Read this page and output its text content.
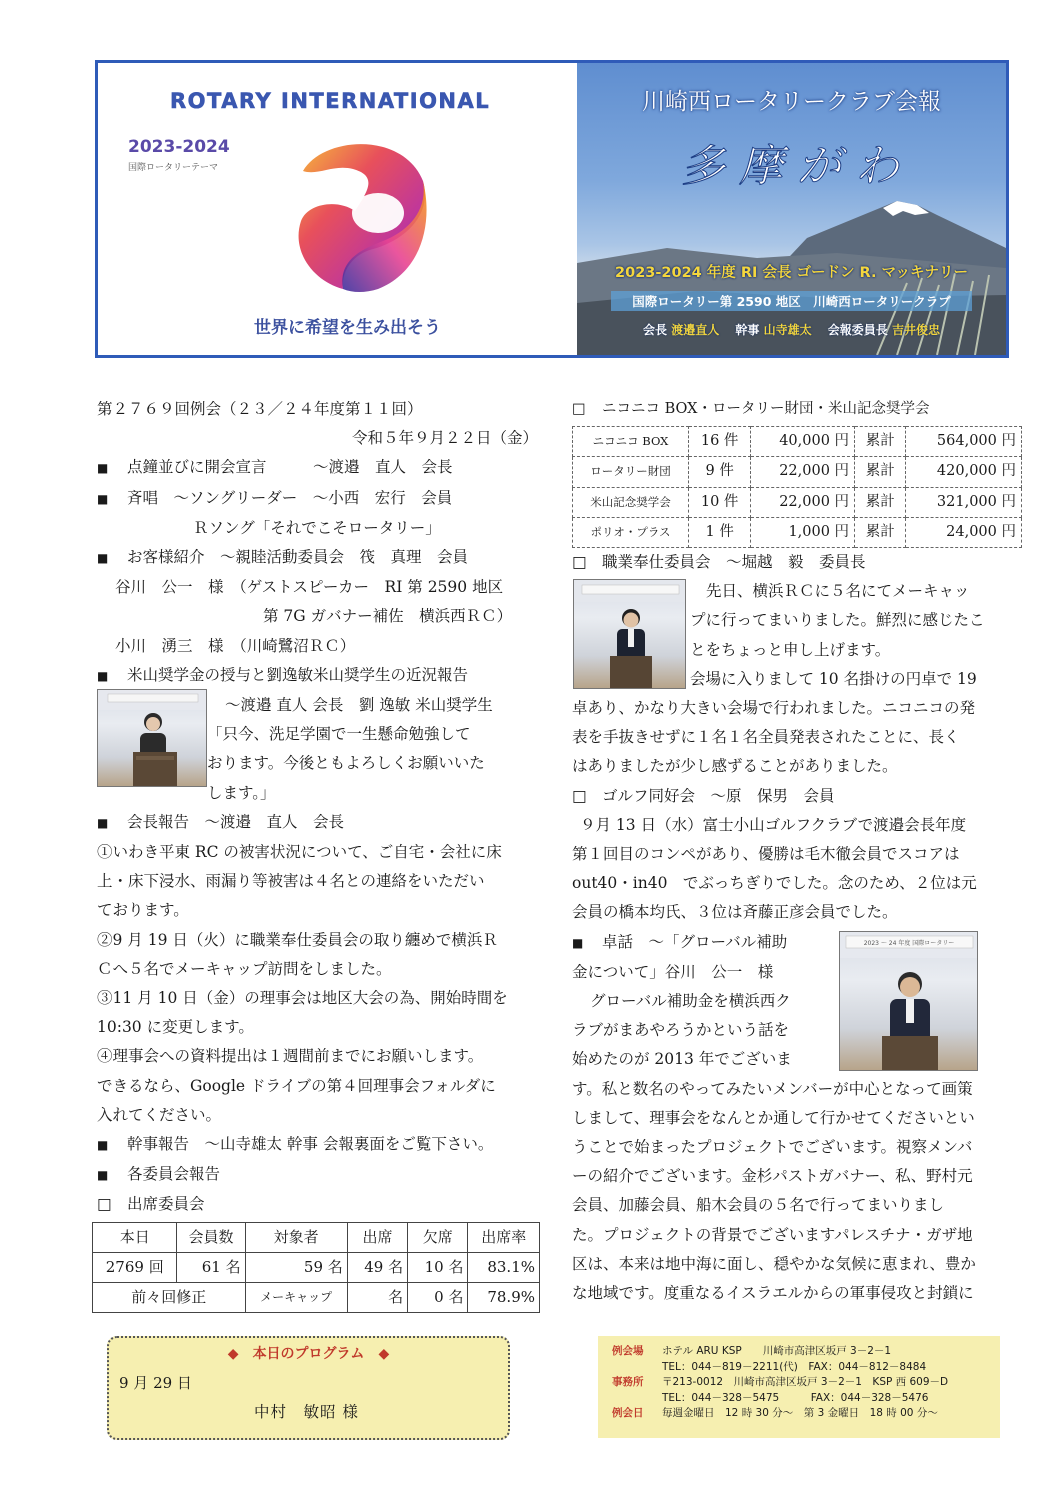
ROTARY INTERNATIONAL
2023-2024
国際ロータリーテーマ
世界に希望を生み出そう
川崎西ロータリークラブ会報
多摩がわ
2023-2024 年度 RI 会長 ゴードン R. マッキナリー
国際ロータリー第 2590 地区　川崎西ロータリークラブ
会長 渡邉直人　 幹事 山寺雄太　 会報委員長 吉井俊忠
第２７６９回例会（２３／２４年度第１１回）
令和５年９月２２日（金）
■ 点鐘並びに開会宣言　　　～渡邉　直人　会長
■ 斉唱　～ソングリーダー　～小西　宏行　会員
Ｒソング「それでこそロータリー」
■ お客様紹介　～親睦活動委員会　筏　真理　会員
谷川　公一　様　（ゲストスピーカー　RI 第 2590 地区
第 7G ガバナー補佐　横浜西ＲＣ）
小川　湧三　様　（川崎鷺沼ＲＣ）
■ 米山奨学金の授与と劉逸敏米山奨学生の近況報告
～渡邉 直人 会長　劉 逸敏 米山奨学生
「只今、洗足学園で一生懸命勉強して
おります。今後ともよろしくお願いいた
します。」
■ 会長報告　～渡邉　直人　会長
①いわき平東 RC の被害状況について、ご自宅・会社に床
上・床下浸水、雨漏り等被害は４名との連絡をいただい
ております。
②9 月 19 日（火）に職業奉仕委員会の取り纏めで横浜Ｒ
Ｃへ５名でメーキャップ訪問をしました。
③11 月 10 日（金）の理事会は地区大会の為、開始時間を
10:30 に変更します。
④理事会への資料提出は１週間前までにお願いします。
できるなら、Google ドライブの第４回理事会フォルダに
入れてください。
■ 幹事報告　～山寺雄太 幹事 会報裏面をご覧下さい。
■ 各委員会報告
□ 出席委員会
本日	会員数	対象者	出席	欠席	出席率
2769 回	61 名	59 名	49 名	10 名	83.1%
前々回修正		メーキャップ	名	0 名	78.9%
□ ニコニコ BOX・ロータリー財団・米山記念奨学会
ニコニコ BOX	16 件	40,000 円	累計	564,000 円
ロータリー財団	9 件	22,000 円	累計	420,000 円
米山記念奨学会	10 件	22,000 円	累計	321,000 円
ポリオ・プラス	1 件	1,000 円	累計	24,000 円
□ 職業奉仕委員会　～堀越　毅　委員長
先日、横浜ＲＣに５名にてメーキャッ
プに行ってまいりました。鮮烈に感じたこ
とをちょっと申し上げます。
会場に入りまして 10 名掛けの円卓で 19
卓あり、かなり大きい会場で行われました。ニコニコの発
表を手抜きせずに１名１名全員発表されたことに、長く
はありましたが少し感ずることがありました。
□ ゴルフ同好会　～原　保男　会員
９月 13 日（水）富士小山ゴルフクラブで渡邉会長年度
第１回目のコンペがあり、優勝は毛木徹会員でスコアは
out40・in40　でぶっちぎりでした。念のため、２位は元
会員の橋本均氏、３位は斉藤正彦会員でした。
■ 卓話　～「グローバル補助
金について」谷川　公一　様
グローバル補助金を横浜西ク
ラブがまあやろうかという話を
始めたのが 2013 年でございま
す。私と数名のやってみたいメンバーが中心となって画策
しまして、理事会をなんとか通して行かせてくださいとい
うことで始まったプロジェクトでございます。視察メンバ
ーの紹介でございます。金杉パストガバナー、私、野村元
会員、加藤会員、船木会員の５名で行ってまいりまし
た。プロジェクトの背景でございますパレスチナ・ガザ地
区は、本来は地中海に面し、穏やかな気候に恵まれ、豊か
な地域です。度重なるイスラエルからの軍事侵攻と封鎖に
2023 ～ 24 年度 国際ロータリー
◆　 本日のプログラム　 ◆
9 月 29 日
中村　敏昭 様
例会場 ホテル ARU KSP　　川崎市高津区坂戸 3－2－1
TEL：044－819－2211(代)　FAX：044－812－8484
事務所 〒213-0012　川崎市高津区坂戸 3－2－1　KSP 西 609－D
TEL：044－328－5475　　　FAX：044－328－5476
例会日 毎週金曜日　12 時 30 分～　第 3 金曜日　18 時 00 分～
